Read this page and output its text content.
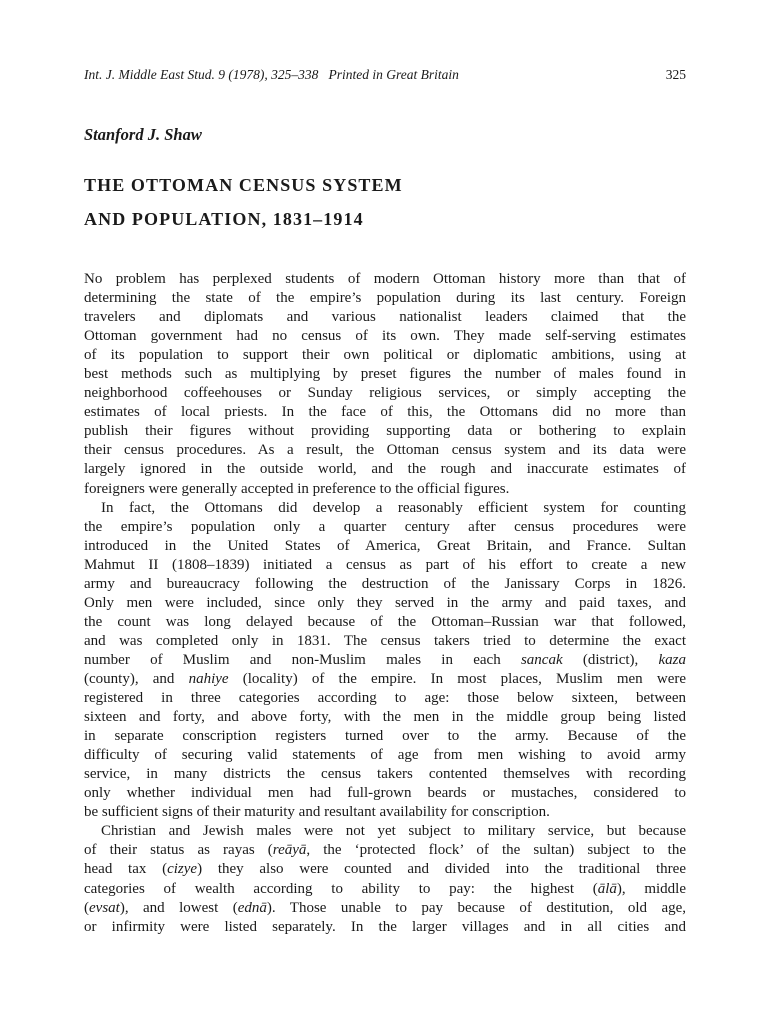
Int. J. Middle East Stud. 9 (1978), 325–338 Printed in Great Britain	325
Stanford J. Shaw
THE OTTOMAN CENSUS SYSTEM
AND POPULATION, 1831–1914
No problem has perplexed students of modern Ottoman history more than that of
determining the state of the empire’s population during its last century. Foreign
travelers and diplomats and various nationalist leaders claimed that the
Ottoman government had no census of its own. They made self-serving estimates
of its population to support their own political or diplomatic ambitions, using at
best methods such as multiplying by preset figures the number of males found in
neighborhood coffeehouses or Sunday religious services, or simply accepting the
estimates of local priests. In the face of this, the Ottomans did no more than
publish their figures without providing supporting data or bothering to explain
their census procedures. As a result, the Ottoman census system and its data were
largely ignored in the outside world, and the rough and inaccurate estimates of
foreigners were generally accepted in preference to the official figures.
In fact, the Ottomans did develop a reasonably efficient system for counting
the empire’s population only a quarter century after census procedures were
introduced in the United States of America, Great Britain, and France. Sultan
Mahmut II (1808–1839) initiated a census as part of his effort to create a new
army and bureaucracy following the destruction of the Janissary Corps in 1826.
Only men were included, since only they served in the army and paid taxes, and
the count was long delayed because of the Ottoman–Russian war that followed,
and was completed only in 1831. The census takers tried to determine the exact
number of Muslim and non-Muslim males in each sancak (district), kaza
(county), and nahiye (locality) of the empire. In most places, Muslim men were
registered in three categories according to age: those below sixteen, between
sixteen and forty, and above forty, with the men in the middle group being listed
in separate conscription registers turned over to the army. Because of the
difficulty of securing valid statements of age from men wishing to avoid army
service, in many districts the census takers contented themselves with recording
only whether individual men had full-grown beards or mustaches, considered to
be sufficient signs of their maturity and resultant availability for conscription.
Christian and Jewish males were not yet subject to military service, but because
of their status as rayas (reāyā, the ‘protected flock’ of the sultan) subject to the
head tax (cizye) they also were counted and divided into the traditional three
categories of wealth according to ability to pay: the highest (ālā), middle
(evsat), and lowest (ednā). Those unable to pay because of destitution, old age,
or infirmity were listed separately. In the larger villages and in all cities and
